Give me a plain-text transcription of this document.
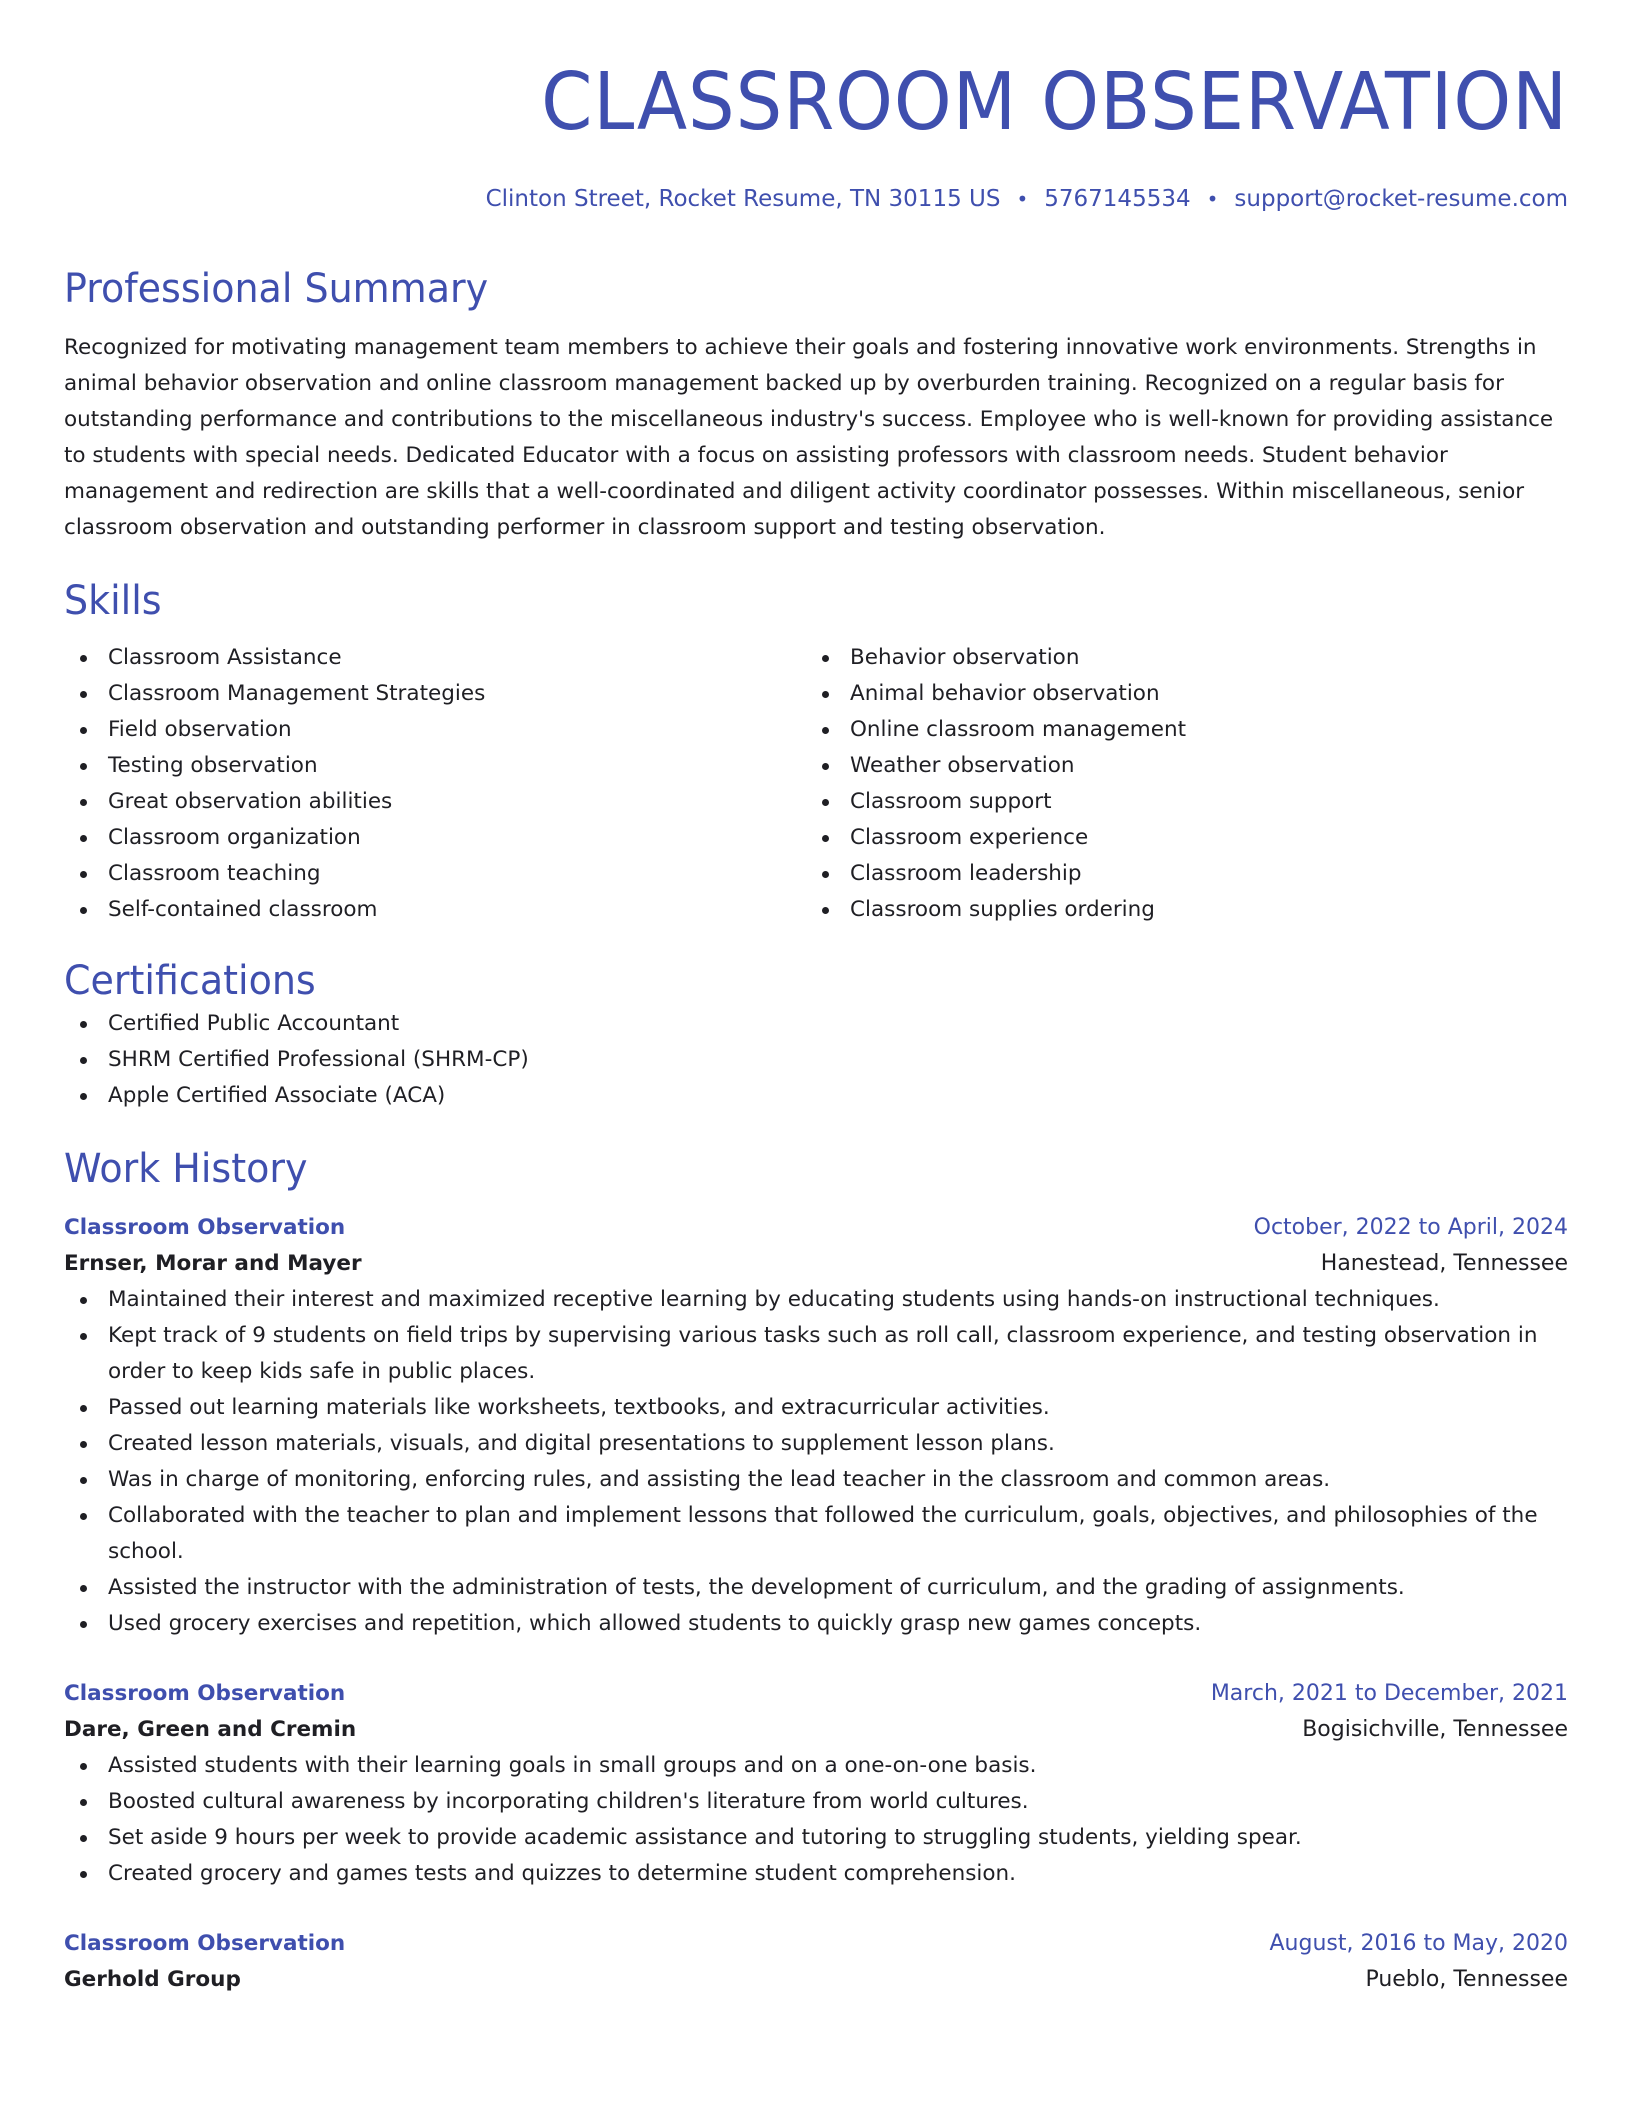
CLASSROOM OBSERVATION
Clinton Street, Rocket Resume, TN 30115 US • 5767145534 • support@rocket-resume.com
Professional Summary

Recognized for motivating management team members to achieve their goals and fostering innovative work environments. Strengths in animal behavior observation and online classroom management backed up by overburden training. Recognized on a regular basis for outstanding performance and contributions to the miscellaneous industry's success. Employee who is well-known for providing assistance to students with special needs. Dedicated Educator with a focus on assisting professors with classroom needs. Student behavior management and redirection are skills that a well-coordinated and diligent activity coordinator possesses. Within miscellaneous, senior classroom observation and outstanding performer in classroom support and testing observation.

Skills
Classroom Assistance
Classroom Management Strategies
Field observation
Testing observation
Great observation abilities
Classroom organization
Classroom teaching
Self-contained classroom
Behavior observation
Animal behavior observation
Online classroom management
Weather observation
Classroom support
Classroom experience
Classroom leadership
Classroom supplies ordering
Certifications
Certified Public Accountant
SHRM Certified Professional (SHRM-CP)
Apple Certified Associate (ACA)
Work History
Classroom Observation	October, 2022 to April, 2024
Ernser, Morar and Mayer	Hanestead, Tennessee
Maintained their interest and maximized receptive learning by educating students using hands-on instructional techniques.
Kept track of 9 students on field trips by supervising various tasks such as roll call, classroom experience, and testing observation in order to keep kids safe in public places.
Passed out learning materials like worksheets, textbooks, and extracurricular activities.
Created lesson materials, visuals, and digital presentations to supplement lesson plans.
Was in charge of monitoring, enforcing rules, and assisting the lead teacher in the classroom and common areas.
Collaborated with the teacher to plan and implement lessons that followed the curriculum, goals, objectives, and philosophies of the school.
Assisted the instructor with the administration of tests, the development of curriculum, and the grading of assignments.
Used grocery exercises and repetition, which allowed students to quickly grasp new games concepts.
Classroom Observation	March, 2021 to December, 2021
Dare, Green and Cremin	Bogisichville, Tennessee
Assisted students with their learning goals in small groups and on a one-on-one basis.
Boosted cultural awareness by incorporating children's literature from world cultures.
Set aside 9 hours per week to provide academic assistance and tutoring to struggling students, yielding spear.
Created grocery and games tests and quizzes to determine student comprehension.
Classroom Observation	August, 2016 to May, 2020
Gerhold Group	Pueblo, Tennessee
